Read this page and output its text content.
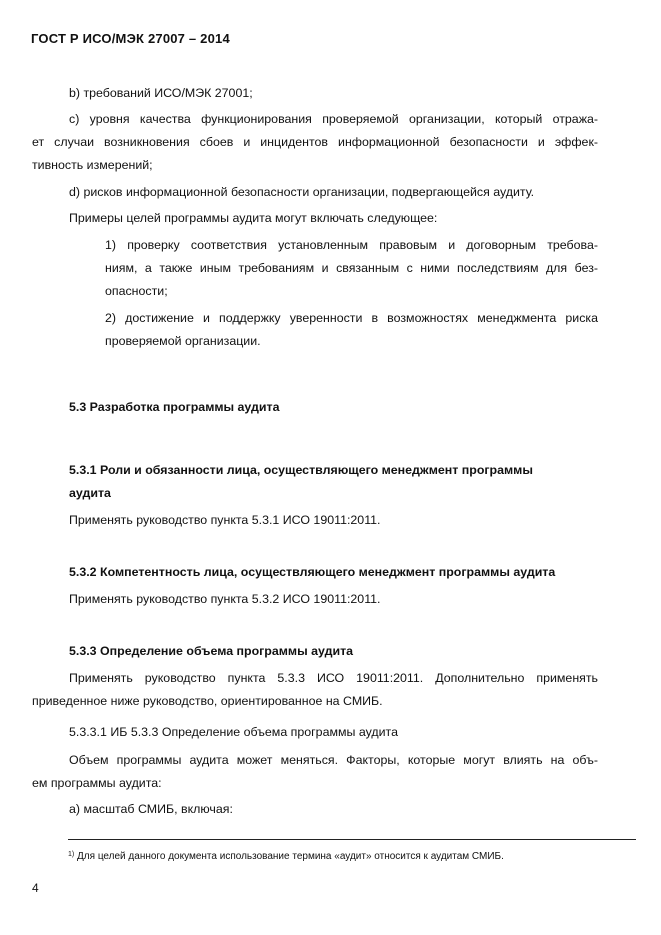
ГОСТ Р ИСО/МЭК 27007 – 2014
b) требований ИСО/МЭК 27001;
c) уровня качества функционирования проверяемой организации, который отража-
ет случаи возникновения сбоев и инцидентов информационной безопасности и эффек-
тивность измерений;
d) рисков информационной безопасности организации, подвергающейся аудиту.
Примеры целей программы аудита могут включать следующее:
1) проверку соответствия установленным правовым и договорным требова-
ниям, а также иным требованиям и связанным с ними последствиям для без-
опасности;
2) достижение и поддержку уверенности в возможностях менеджмента риска
проверяемой организации.
5.3 Разработка программы аудита
5.3.1 Роли и обязанности лица, осуществляющего менеджмент программы
аудита
Применять руководство пункта 5.3.1 ИСО 19011:2011.
5.3.2 Компетентность лица, осуществляющего менеджмент программы аудита
Применять руководство пункта 5.3.2 ИСО 19011:2011.
5.3.3 Определение объема программы аудита
Применять руководство пункта 5.3.3 ИСО 19011:2011. Дополнительно применять
приведенное ниже руководство, ориентированное на СМИБ.
5.3.3.1 ИБ 5.3.3 Определение объема программы аудита
Объем программы аудита может меняться. Факторы, которые могут влиять на объ-
ем программы аудита:
а) масштаб СМИБ, включая:
$^{1)}$ Для целей данного документа использование термина «аудит» относится к аудитам СМИБ.
4
